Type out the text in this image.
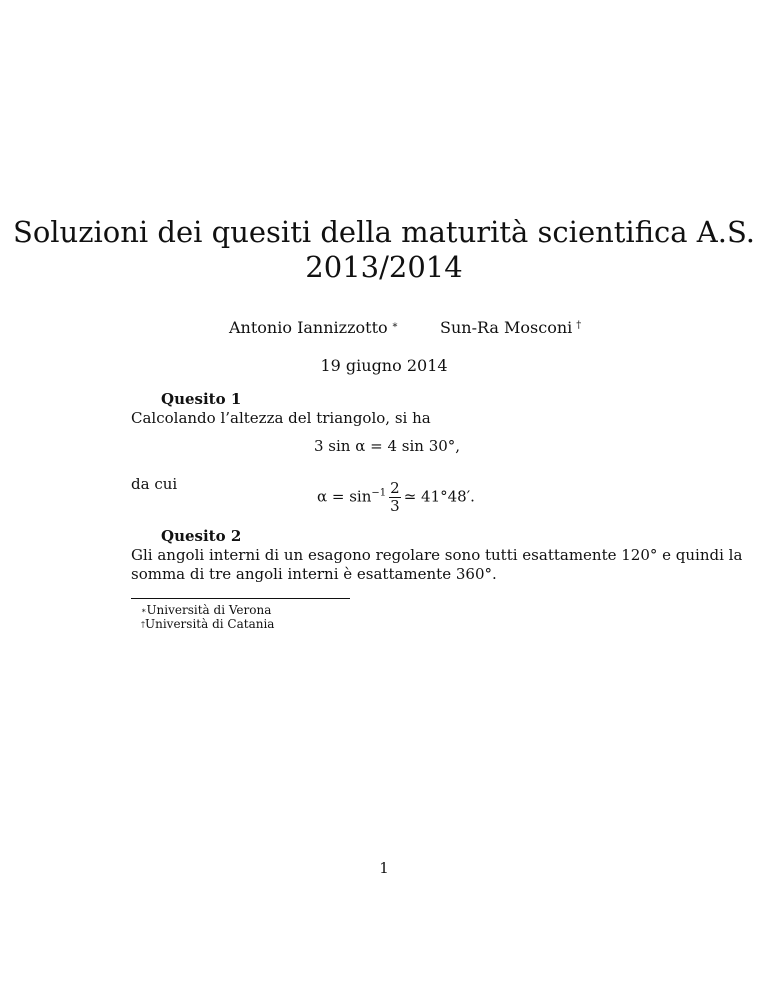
Soluzioni dei quesiti della maturità scientifica A.S.
2013/2014
Antonio Iannizzotto ∗	Sun-Ra Mosconi †
19 giugno 2014
Quesito 1
Calcolando l’altezza del triangolo, si ha
3 sin α = 4 sin 30°,
da cui
$\alpha = \sin^{-1} \frac{2}{3}$ ≃ 41°48′.
Quesito 2
Gli angoli interni di un esagono regolare sono tutti esattamente 120° e quindi la
somma di tre angoli interni è esattamente 360°.
∗Università di Verona
†Università di Catania
1
